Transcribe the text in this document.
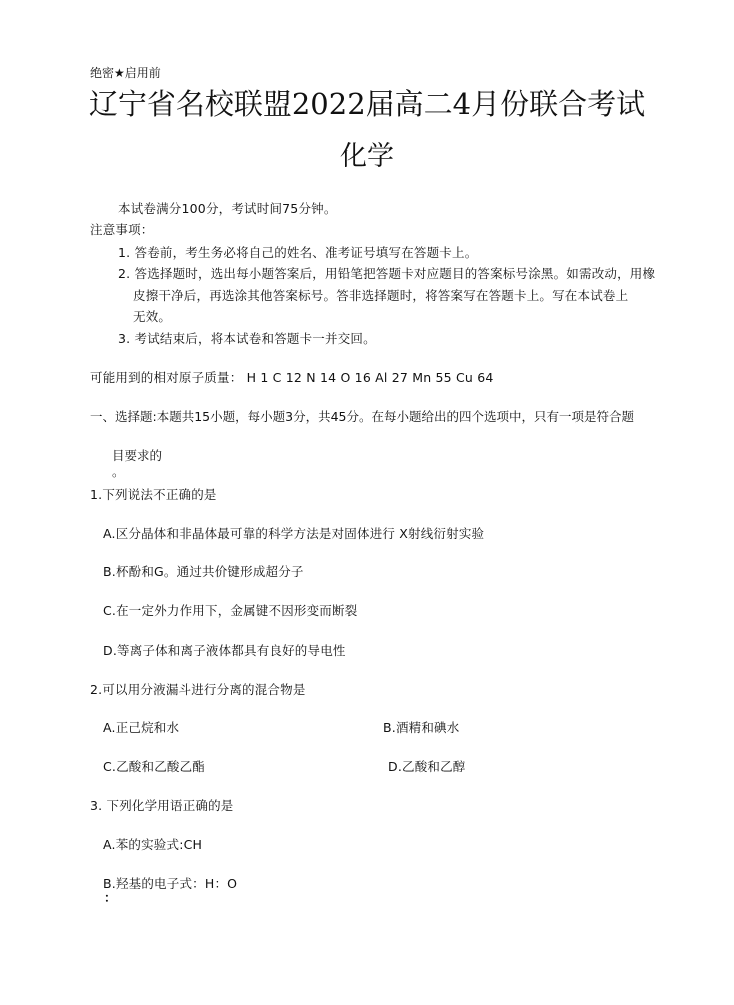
绝密★启用前
辽宁省名校联盟2022届高二4月份联合考试
化学
本试卷满分100分，考试时间75分钟。
注意事项：
1. 答卷前，考生务必将自己的姓名、准考证号填写在答题卡上。
2. 答选择题时，选出每小题答案后，用铅笔把答题卡对应题目的答案标号涂黑。如需改动，用橡
皮擦干净后，再选涂其他答案标号。答非选择题时，将答案写在答题卡上。写在本试卷上
无效。
3. 考试结束后，将本试卷和答题卡一并交回。
可能用到的相对原子质量： H 1 C 12 N 14 O 16 Al 27 Mn 55 Cu 64
一、选择题:本题共15小题，每小题3分，共45分。在每小题给出的四个选项中，只有一项是符合题
目要求的
。
1.下列说法不正确的是
A.区分晶体和非晶体最可靠的科学方法是对固体进行 X射线衍射实验
B.杯酚和G。通过共价键形成超分子
C.在一定外力作用下，金属键不因形变而断裂
D.等离子体和离子液体都具有良好的导电性
2.可以用分液漏斗进行分离的混合物是
A.正己烷和水	B.酒精和碘水
C.乙酸和乙酸乙酯	D.乙酸和乙醇
3. 下列化学用语正确的是
A.苯的实验式:CH
B.羟基的电子式：H：O
：
